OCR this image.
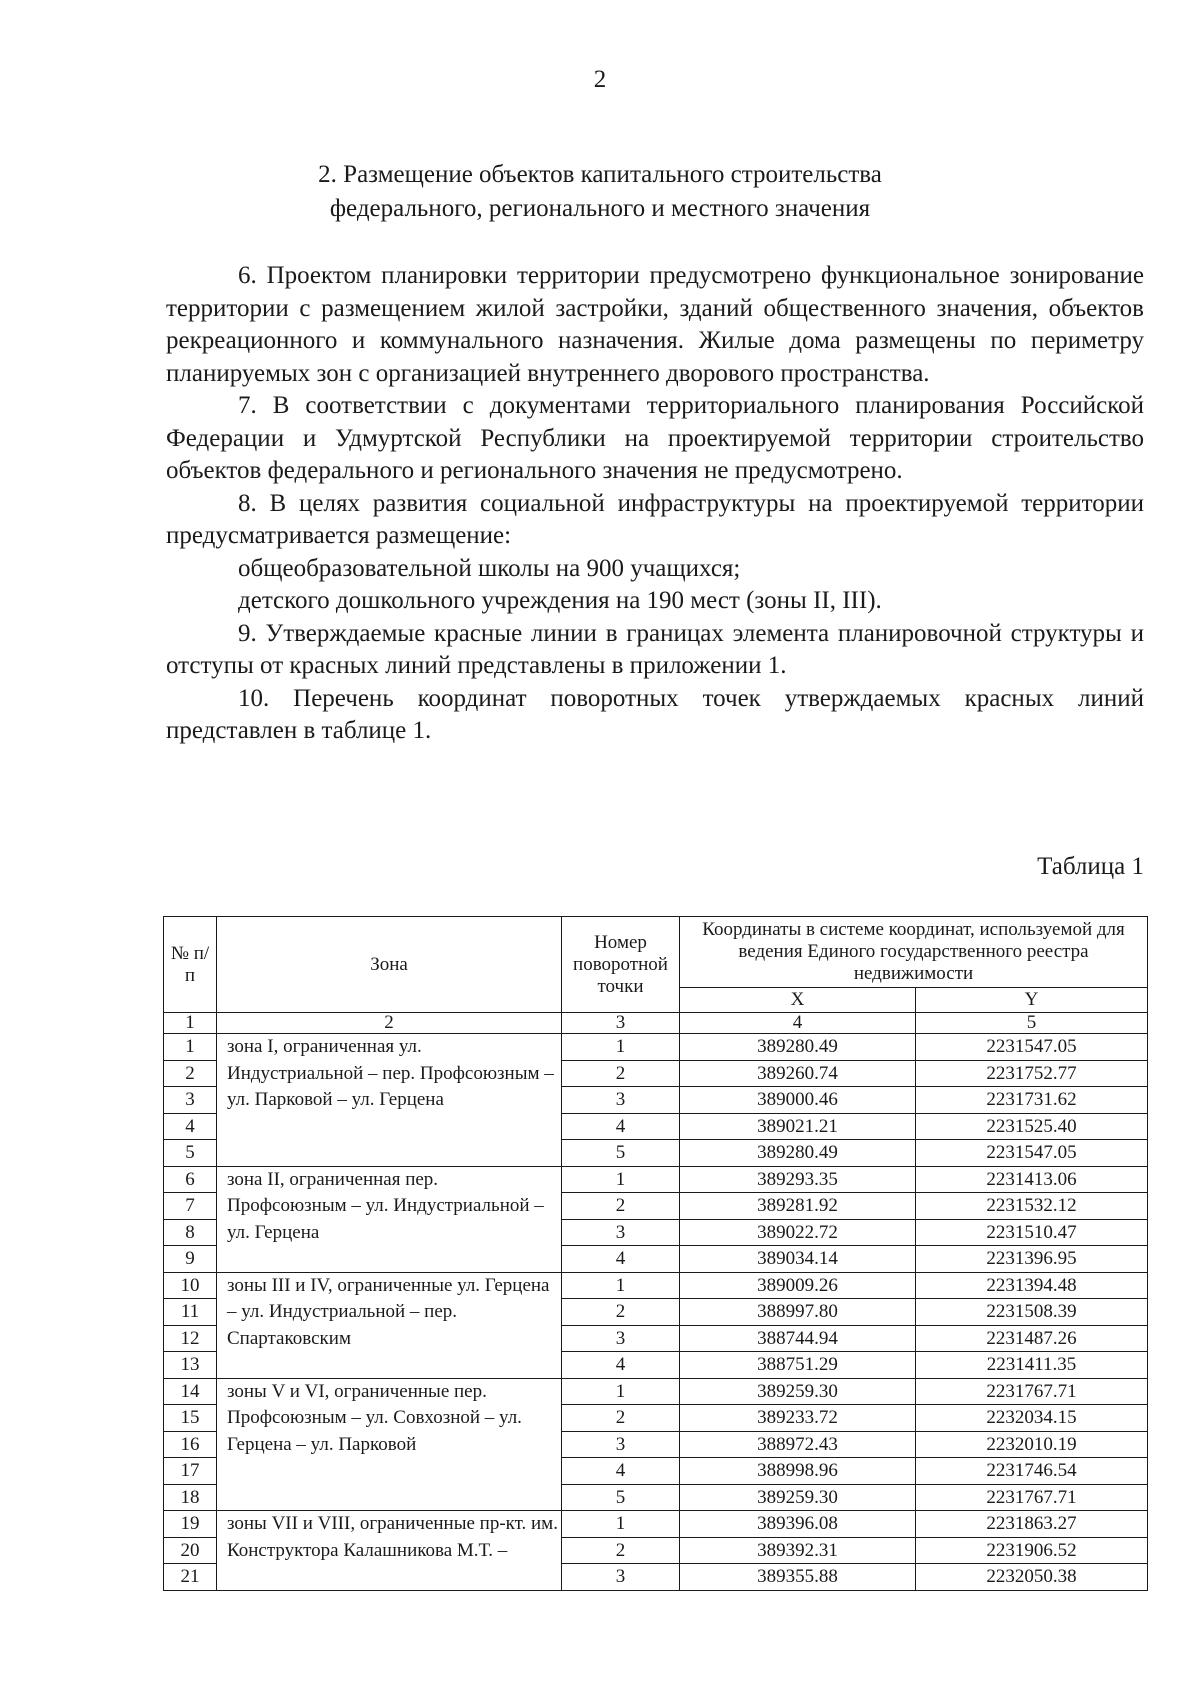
2
2. Размещение объектов капитального строительства
федерального, регионального и местного значения

6. Проектом планировки территории предусмотрено функциональное зонирование территории с размещением жилой застройки, зданий общественного значения, объектов рекреационного и коммунального назначения. Жилые дома размещены по периметру планируемых зон с организацией внутреннего дворового пространства.

7. В соответствии с документами территориального планирования Российской Федерации и Удмуртской Республики на проектируемой территории строительство объектов федерального и регионального значения не предусмотрено.

8. В целях развития социальной инфраструктуры на проектируемой территории предусматривается размещение:

общеобразовательной школы на 900 учащихся;

детского дошкольного учреждения на 190 мест (зоны II, III).

9. Утверждаемые красные линии в границах элемента планировочной структуры и отступы от красных линий представлены в приложении 1.

10. Перечень координат поворотных точек утверждаемых красных линий представлен в таблице 1.

Таблица 1
№ п/п	Зона	Номер поворотной точки	Координаты в системе координат, используемой для ведения Единого государственного реестра недвижимости	
			X	Y
1	2	3	4	5
1	зона I, ограниченная ул. Индустриальной – пер. Профсоюзным – ул. Парковой – ул. Герцена	1	389280.49	2231547.05
2		2	389260.74	2231752.77
3		3	389000.46	2231731.62
4		4	389021.21	2231525.40
5		5	389280.49	2231547.05
6	зона II, ограниченная пер. Профсоюзным – ул. Индустриальной – ул. Герцена	1	389293.35	2231413.06
7		2	389281.92	2231532.12
8		3	389022.72	2231510.47
9		4	389034.14	2231396.95
10	зоны III и IV, ограниченные ул. Герцена – ул. Индустриальной – пер. Спартаковским	1	389009.26	2231394.48
11		2	388997.80	2231508.39
12		3	388744.94	2231487.26
13		4	388751.29	2231411.35
14	зоны V и VI, ограниченные пер. Профсоюзным – ул. Совхозной – ул. Герцена – ул. Парковой	1	389259.30	2231767.71
15		2	389233.72	2232034.15
16		3	388972.43	2232010.19
17		4	388998.96	2231746.54
18		5	389259.30	2231767.71
19	зоны VII и VIII, ограниченные пр-кт. им. Конструктора Калашникова М.Т. –	1	389396.08	2231863.27
20		2	389392.31	2231906.52
21		3	389355.88	2232050.38
